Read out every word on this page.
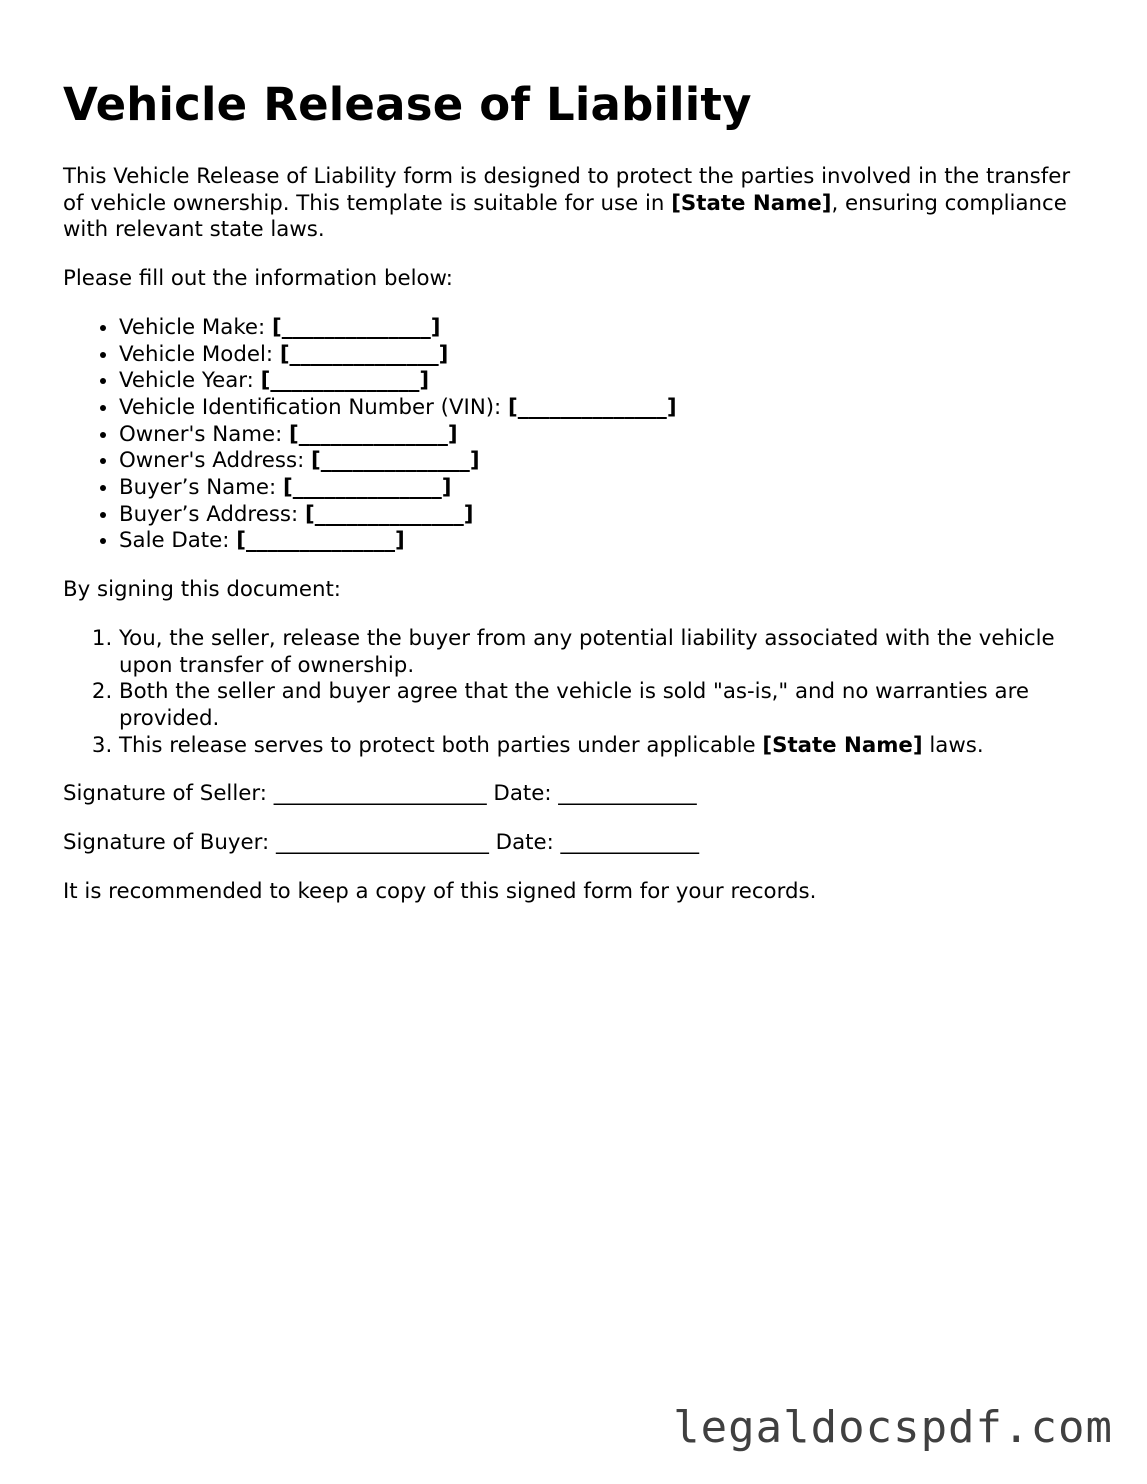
Vehicle Release of Liability

This Vehicle Release of Liability form is designed to protect the parties involved in the transfer of vehicle ownership. This template is suitable for use in [State Name], ensuring compliance with relevant state laws.

Please fill out the information below:

• Vehicle Make: [______________]
• Vehicle Model: [______________]
• Vehicle Year: [______________]
• Vehicle Identification Number (VIN): [______________]
• Owner's Name: [______________]
• Owner's Address: [______________]
• Buyer’s Name: [______________]
• Buyer’s Address: [______________]
• Sale Date: [______________]

By signing this document:

1. You, the seller, release the buyer from any potential liability associated with the vehicle upon transfer of ownership.
2. Both the seller and buyer agree that the vehicle is sold "as-is," and no warranties are provided.
3. This release serves to protect both parties under applicable [State Name] laws.

Signature of Seller: ____________________ Date: _____________

Signature of Buyer: ____________________ Date: _____________

It is recommended to keep a copy of this signed form for your records.

legaldocspdf.com
